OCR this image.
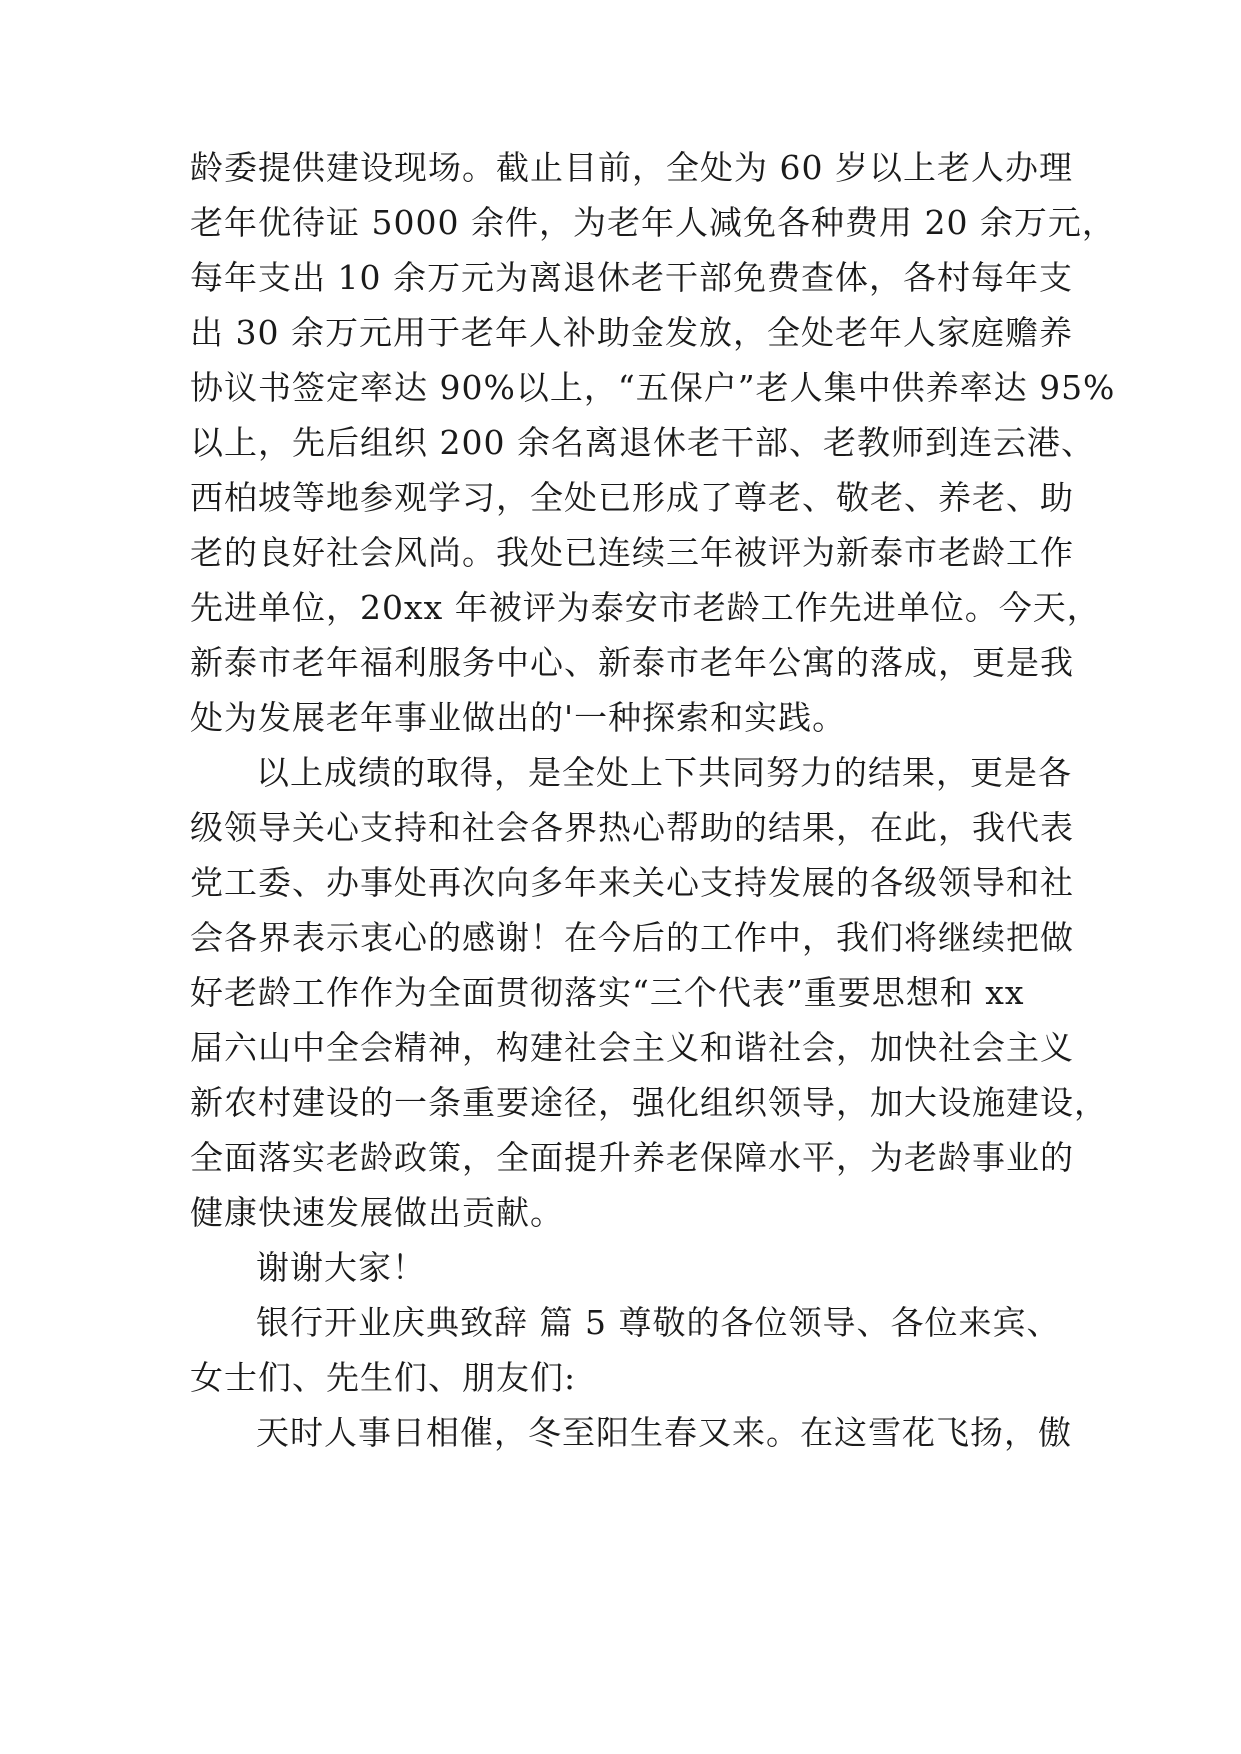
龄委提供建设现场。截止目前，全处为 60 岁以上老人办理
老年优待证 5000 余件，为老年人减免各种费用 20 余万元，
每年支出 10 余万元为离退休老干部免费查体，各村每年支
出 30 余万元用于老年人补助金发放，全处老年人家庭赡养
协议书签定率达 90%以上，“五保户”老人集中供养率达 95%
以上，先后组织 200 余名离退休老干部、老教师到连云港、
西柏坡等地参观学习，全处已形成了尊老、敬老、养老、助
老的良好社会风尚。我处已连续三年被评为新泰市老龄工作
先进单位，20xx 年被评为泰安市老龄工作先进单位。今天，
新泰市老年福利服务中心、新泰市老年公寓的落成，更是我
处为发展老年事业做出的'一种探索和实践。
以上成绩的取得，是全处上下共同努力的结果，更是各
级领导关心支持和社会各界热心帮助的结果，在此，我代表
党工委、办事处再次向多年来关心支持发展的各级领导和社
会各界表示衷心的感谢！在今后的工作中，我们将继续把做
好老龄工作作为全面贯彻落实“三个代表”重要思想和 xx
届六山中全会精神，构建社会主义和谐社会，加快社会主义
新农村建设的一条重要途径，强化组织领导，加大设施建设，
全面落实老龄政策，全面提升养老保障水平，为老龄事业的
健康快速发展做出贡献。
谢谢大家！
银行开业庆典致辞 篇 5 尊敬的各位领导、各位来宾、
女士们、先生们、朋友们:
天时人事日相催，冬至阳生春又来。在这雪花飞扬，傲
